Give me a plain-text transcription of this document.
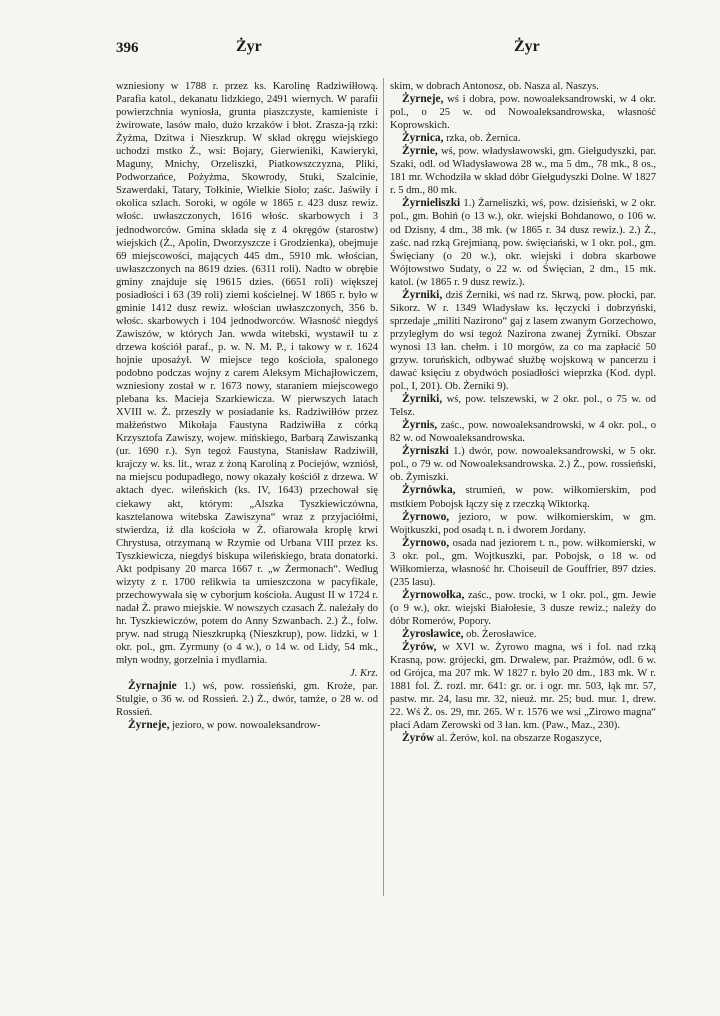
396	Żyr	Żyr

wzniesiony w 1788 r. przez ks. Karolinę Radziwiłłową. Parafia katol., dekanatu lidzkiego, 2491 wiernych. W parafii powierzchnia wyniosła, grunta piaszczyste, kamieniste i żwirowate, lasów mało, dużo krzaków i błot. Zrasza-ją rzki: Żyżma, Dzitwa i Nieszkrup. W skład okręgu wiejskiego uchodzi mstko Ż., wsi: Bojary, Gierwieniki, Kawieryki, Maguny, Mnichy, Orzeliszki, Piatkowszczyzna, Pliki, Podworzańce, Pożyżma, Skowrody, Stuki, Szalcinie, Szawerdaki, Tatary, Tołkinie, Wielkie Sioło; zaśc. Jaświły i okolica szlach. Soroki, w ogóle w 1865 r. 423 dusz rewiz. włośc. uwłaszczonych, 1616 włośc. skarbowych i 3 jednodworców. Gmina składa się z 4 okręgów (starostw) wiejskich (Ż., Apolin, Dworzyszcze i Grodzienka), obejmuje 69 miejscowości, mających 445 dm., 5910 mk. włościan, uwłaszczonych na 8619 dzies. (6311 roli). Nadto w obrębie gminy znajduje się 19615 dzies. (6651 roli) większej posiadłości i 63 (39 roli) ziemi kościelnej. W 1865 r. było w gminie 1412 dusz rewiz. włościan uwłaszczonych, 356 b. włośc. skarbowych i 104 jednodworców. Własność niegdyś Zawiszów, w których Jan. wwda witebski, wystawił tu z drzewa kościół paraf., p. w. N. M. P., i takowy w r. 1624 hojnie uposażył. W miejsce tego kościoła, spalonego podobno podczas wojny z carem Aleksym Michajłowiczem, wzniesiony został w r. 1673 nowy, staraniem miejscowego plebana ks. Macieja Szarkiewicza. W pierwszych latach XVIII w. Ż. przeszły w posiadanie ks. Radziwiłłów przez małżeństwo Mikołaja Faustyna Radziwiłła z córką Krzysztofa Zawiszy, wojew. mińskiego, Barbarą Zawiszanką (ur. 1690 r.). Syn tegoż Faustyna, Stanisław Radziwiłł, krajczy w. ks. lit., wraz z żoną Karoliną z Pociejów, wzniósł, na miejscu podupadłego, nowy okazały kościół z drzewa. W aktach dyec. wileńskich (ks. IV, 1643) przechował się ciekawy akt, którym: „Alszka Tyszkiewiczówna, kasztelanowa witebska Zawiszyna“ wraz z przyjaciółmi, stwierdza, iż dla kościoła w Ż. ofiarowała kroplę krwi Chrystusa, otrzymaną w Rzymie od Urbana VIII przez ks. Tyszkiewicza, niegdyś biskupa wileńskiego, brata donatorki. Akt podpisany 20 marca 1667 r. „w Żermonach“. Według wizyty z r. 1700 relikwia ta umieszczona w pacyfikale, przechowywała się w cyborjum kościoła. August II w 1724 r. nadał Ż. prawo miejskie. W nowszych czasach Ż. należały do hr. Tyszkiewiczów, potem do Anny Szwanbach. 2.) Ż., folw. pryw. nad strugą Nieszkrupką (Nieszkrup), pow. lidzki, w 1 okr. pol., gm. Zyrmuny (o 4 w.), o 14 w. od Lidy, 54 mk., młyn wodny, gorzelnia i mydlarnia.

J. Krz.

Żyrnajnie 1.) wś, pow. rossieński, gm. Kroże, par. Stulgie, o 36 w. od Rossień. 2.) Ż., dwór, tamże, o 28 w. od Rossień.

Żyrneje, jezioro, w pow. nowoaleksandrow-

skim, w dobrach Antonosz, ob. Nasza al. Naszys.

Żyrneje, wś i dobra, pow. nowoaleksandrowski, w 4 okr. pol., o 25 w. od Nowoaleksandrowska, własność Koprowskich.

Żyrnica, rzka, ob. Żernica.

Żyrnie, wś, pow. władysławowski, gm. Giełgudyszki, par. Szaki, odl. od Władysławowa 28 w., ma 5 dm., 78 mk., 8 os., 181 mr. Wchodziła w skład dóbr Giełgudyszki Dolne. W 1827 r. 5 dm., 80 mk.

Żyrnieliszki 1.) Żarneliszki, wś, pow. dzisieński, w 2 okr. pol., gm. Bohiń (o 13 w.), okr. wiejski Bohdanowo, o 106 w. od Dzisny, 4 dm., 38 mk. (w 1865 r. 34 dusz rewiz.). 2.) Ż., zaśc. nad rzką Grejmianą, pow. święciański, w 1 okr. pol., gm. Święciany (o 20 w.), okr. wiejski i dobra skarbowe Wójtowstwo Sudaty, o 22 w. od Święcian, 2 dm., 15 mk. katol. (w 1865 r. 9 dusz rewiz.).

Żyrniki, dziś Żerniki, wś nad rz. Skrwą, pow. płocki, par. Sikorz. W r. 1349 Władysław ks. łęczycki i dobrzyński, sprzedaje „militi Nazirono“ gaj z lasem zwanym Gorzechowo, przyległym do wsi tegoż Nazirona zwanej Żyrniki. Obszar wynosi 13 łan. chełm. i 10 morgów, za co ma zapłacić 50 grzyw. toruńskich, odbywać służbę wojskową w pancerzu i dawać księciu z obydwóch posiadłości wieprzka (Kod. dypl. pol., I, 201). Ob. Żerniki 9).

Żyrniki, wś, pow. telszewski, w 2 okr. pol., o 75 w. od Telsz.

Żyrnis, zaśc., pow. nowoaleksandrowski, w 4 okr. pol., o 82 w. od Nowoaleksandrowska.

Żyrniszki 1.) dwór, pow. nowoaleksandrowski, w 5 okr. pol., o 79 w. od Nowoaleksandrowska. 2.) Ż., pow. rossieński, ob. Żymiszki.

Żyrnówka, strumień, w pow. wiłkomierskim, pod mstkiem Pobojsk łączy się z rzeczką Wiktorką.

Żyrnowo, jezioro, w pow. wiłkomierskim, w gm. Wojtkuszki, pod osadą t. n. i dworem Jordany.

Żyrnowo, osada nad jeziorem t. n., pow. wiłkomierski, w 3 okr. pol., gm. Wojtkuszki, par. Pobojsk, o 18 w. od Wiłkomierza, własność hr. Choiseuil de Gouffrier, 897 dzies. (235 lasu).

Żyrnowołka, zaśc., pow. trocki, w 1 okr. pol., gm. Jewie (o 9 w.), okr. wiejski Białołesie, 3 dusze rewiz.; należy do dóbr Romerów, Popory.

Żyrosławice, ob. Żerosławice.

Żyrów, w XVI w. Żyrowo magna, wś i fol. nad rzką Krasną, pow. grójecki, gm. Drwalew, par. Prażmów, odl. 6 w. od Grójca, ma 207 mk. W 1827 r. było 20 dm., 183 mk. W r. 1881 fol. Ż. rozl. mr. 641: gr. or. i ogr. mr. 503, łąk mr. 57, pastw. mr. 24, lasu mr. 32, nieuż. mr. 25; bud. mur. 1, drew. 22. Wś Ż. os. 29, mr. 265. W r. 1576 we wsi „Zirowo magna“ płaci Adam Zerowski od 3 łan. km. (Paw., Maz., 230).

Żyrów al. Żerów, kol. na obszarze Rogaszyce,
